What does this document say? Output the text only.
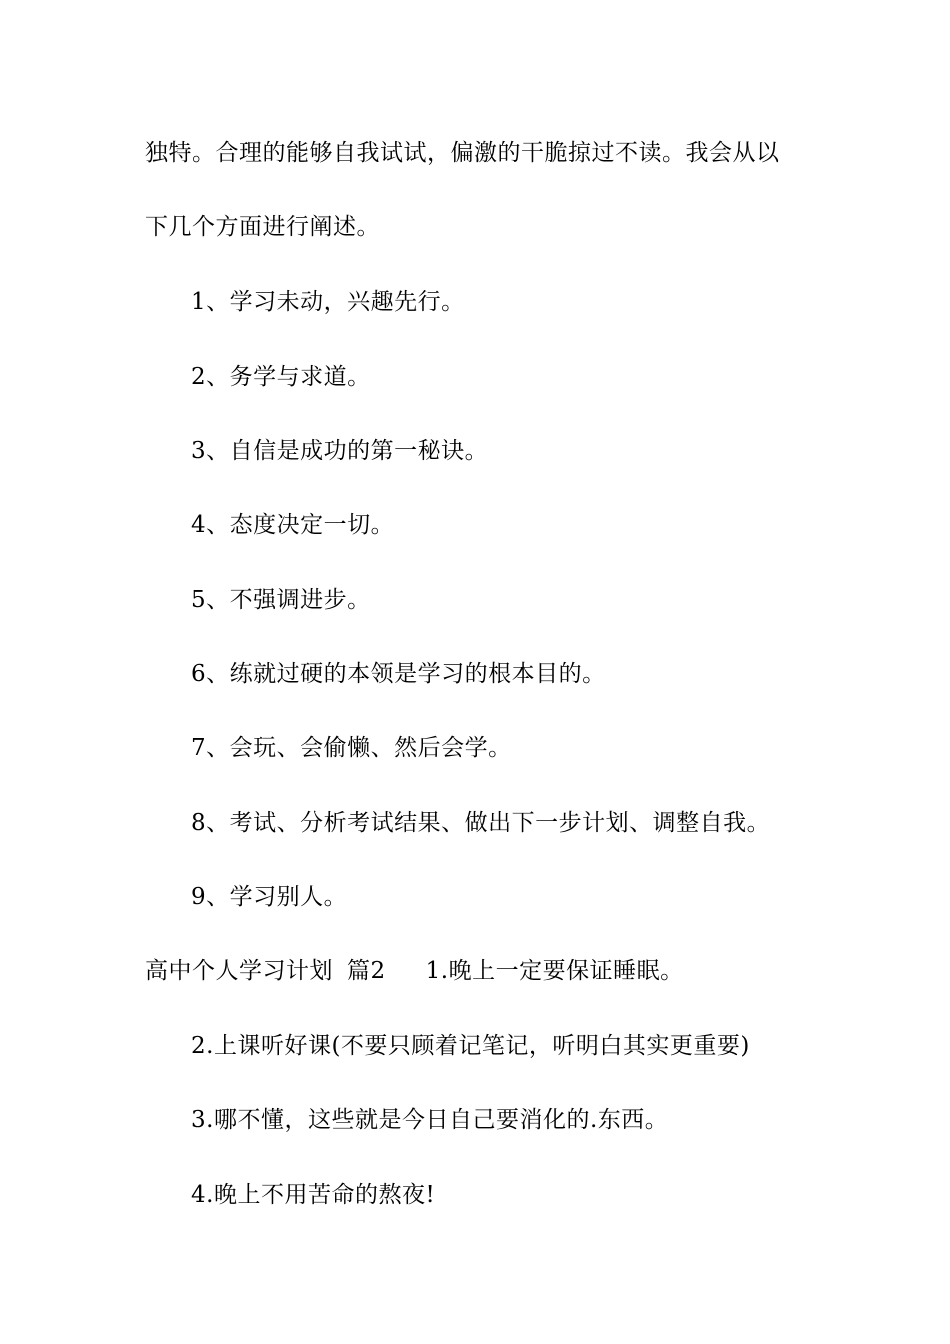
独特。合理的能够自我试试，偏激的干脆掠过不读。我会从以
下几个方面进行阐述。
1、学习未动，兴趣先行。
2、务学与求道。
3、自信是成功的第一秘诀。
4、态度决定一切。
5、不强调进步。
6、练就过硬的本领是学习的根本目的。
7、会玩、会偷懒、然后会学。
8、考试、分析考试结果、做出下一步计划、调整自我。
9、学习别人。
高中个人学习计划 篇2 1.晚上一定要保证睡眠。
2.上课听好课(不要只顾着记笔记，听明白其实更重要)
3.哪不懂，这些就是今日自己要消化的.东西。
4.晚上不用苦命的熬夜!
